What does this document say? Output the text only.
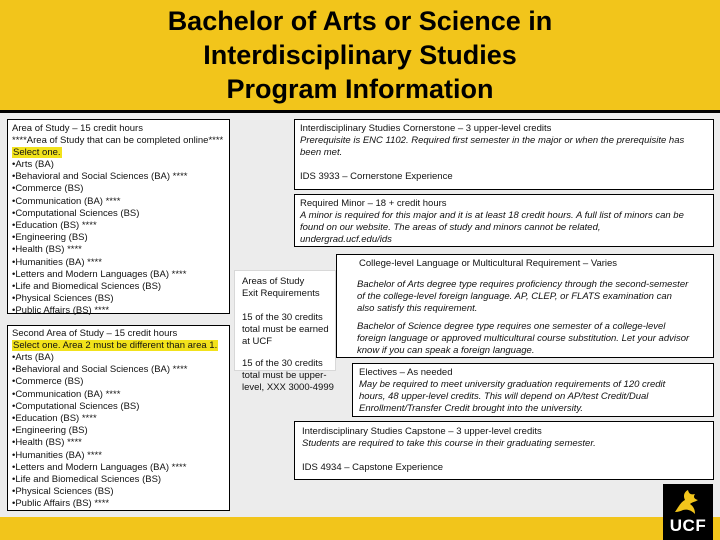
Bachelor of Arts or Science in
Interdisciplinary Studies
Program Information
Area of Study – 15 credit hours
****Area of Study that can be completed online****
Select one.
•Arts (BA)
•Behavioral and Social Sciences (BA) ****
•Commerce (BS)
•Communication (BA) ****
•Computational Sciences (BS)
•Education (BS) ****
•Engineering (BS)
•Health (BS) ****
•Humanities (BA) ****
•Letters and Modern Languages (BA) ****
•Life and Biomedical Sciences (BS)
•Physical Sciences (BS)
•Public Affairs (BS) ****
Second Area of Study – 15 credit hours
Select one. Area 2 must be different than area 1.
•Arts (BA)
•Behavioral and Social Sciences (BA) ****
•Commerce (BS)
•Communication (BA) ****
•Computational Sciences (BS)
•Education (BS) ****
•Engineering (BS)
•Health (BS) ****
•Humanities (BA) ****
•Letters and Modern Languages (BA) ****
•Life and Biomedical Sciences (BS)
•Physical Sciences (BS)
•Public Affairs (BS) ****
Areas of Study
Exit Requirements
15 of the 30 credits
total must be earned
at UCF
15 of the 30 credits
total must be upper-
level, XXX 3000-4999
Interdisciplinary Studies Cornerstone – 3 upper-level credits
Prerequisite is ENC 1102. Required first semester in the major or when the prerequisite has
been met.
IDS 3933 – Cornerstone Experience
Required Minor – 18 + credit hours
A minor is required for this major and it is at least 18 credit hours. A full list of minors can be
found on our website. The areas of study and minors cannot be related,
undergrad.ucf.edu/ids
College-level Language or Multicultural Requirement – Varies
Bachelor of Arts degree type requires proficiency through the second-semester
of the college-level foreign language. AP, CLEP, or FLATS examination can
also satisfy this requirement.
Bachelor of Science degree type requires one semester of a college-level
foreign language or approved multicultural course substitution. Let your advisor
know if you can speak a foreign language.
Electives – As needed
May be required to meet university graduation requirements of 120 credit
hours, 48 upper-level credits. This will depend on AP/test Credit/Dual
Enrollment/Transfer Credit brought into the university.
Interdisciplinary Studies Capstone – 3 upper-level credits
Students are required to take this course in their graduating semester.
IDS 4934 – Capstone Experience
UCF
